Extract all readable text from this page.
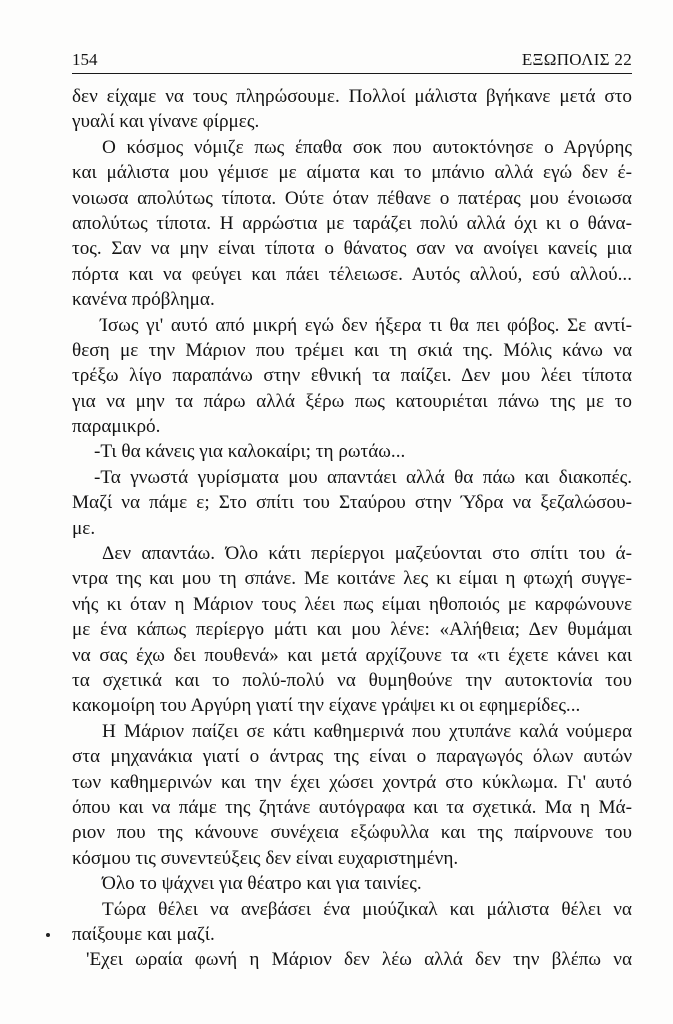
154	ΕΞΩΠΟΛΙΣ 22
δεν είχαμε να τους πληρώσουμε. Πολλοί μάλιστα βγήκανε μετά στο
γυαλί και γίνανε φίρμες.
Ο κόσμος νόμιζε πως έπαθα σοκ που αυτοκτόνησε ο Αργύρης
και μάλιστα μου γέμισε με αίματα και το μπάνιο αλλά εγώ δεν έ-
νοιωσα απολύτως τίποτα. Ούτε όταν πέθανε ο πατέρας μου ένοιωσα
απολύτως τίποτα. Η αρρώστια με ταράζει πολύ αλλά όχι κι ο θάνα-
τος. Σαν να μην είναι τίποτα ο θάνατος σαν να ανοίγει κανείς μια
πόρτα και να φεύγει και πάει τέλειωσε. Αυτός αλλού, εσύ αλλού...
κανένα πρόβλημα.
Ίσως γι' αυτό από μικρή εγώ δεν ήξερα τι θα πει φόβος. Σε αντί-
θεση με την Μάριον που τρέμει και τη σκιά της. Μόλις κάνω να
τρέξω λίγο παραπάνω στην εθνική τα παίζει. Δεν μου λέει τίποτα
για να μην τα πάρω αλλά ξέρω πως κατουριέται πάνω της με το
παραμικρό.
-Τι θα κάνεις για καλοκαίρι; τη ρωτάω...
-Τα γνωστά γυρίσματα μου απαντάει αλλά θα πάω και διακοπές.
Μαζί να πάμε ε; Στο σπίτι του Σταύρου στην Ύδρα να ξεζαλώσου-
με.
Δεν απαντάω. Όλο κάτι περίεργοι μαζεύονται στο σπίτι του ά-
ντρα της και μου τη σπάνε. Με κοιτάνε λες κι είμαι η φτωχή συγγε-
νής κι όταν η Μάριον τους λέει πως είμαι ηθοποιός με καρφώνουνε
με ένα κάπως περίεργο μάτι και μου λένε: «Αλήθεια; Δεν θυμάμαι
να σας έχω δει πουθενά» και μετά αρχίζουνε τα «τι έχετε κάνει και
τα σχετικά και το πολύ-πολύ να θυμηθούνε την αυτοκτονία του
κακομοίρη του Αργύρη γιατί την είχανε γράψει κι οι εφημερίδες...
Η Μάριον παίζει σε κάτι καθημερινά που χτυπάνε καλά νούμερα
στα μηχανάκια γιατί ο άντρας της είναι ο παραγωγός όλων αυτών
των καθημερινών και την έχει χώσει χοντρά στο κύκλωμα. Γι' αυτό
όπου και να πάμε της ζητάνε αυτόγραφα και τα σχετικά. Μα η Μά-
ριον που της κάνουνε συνέχεια εξώφυλλα και της παίρνουνε του
κόσμου τις συνεντεύξεις δεν είναι ευχαριστημένη.
Όλο το ψάχνει για θέατρο και για ταινίες.
Τώρα θέλει να ανεβάσει ένα μιούζικαλ και μάλιστα θέλει να
παίξουμε και μαζί.
'Εχει ωραία φωνή η Μάριον δεν λέω αλλά δεν την βλέπω να
